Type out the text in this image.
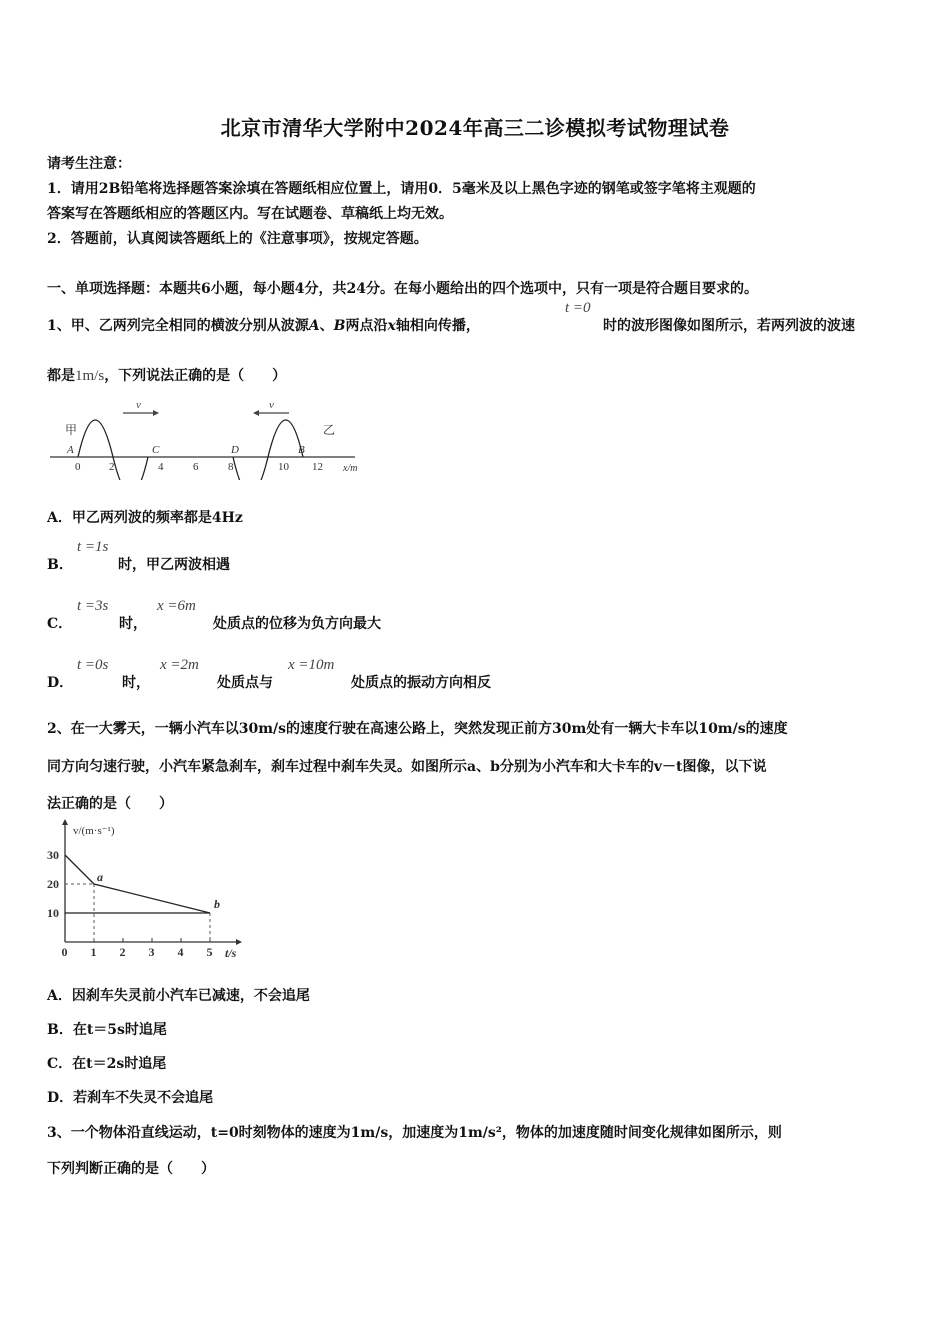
北京市清华大学附中2024年高三二诊模拟考试物理试卷
请考生注意：
1．请用2B铅笔将选择题答案涂填在答题纸相应位置上，请用0．5毫米及以上黑色字迹的钢笔或签字笔将主观题的
答案写在答题纸相应的答题区内。写在试题卷、草稿纸上均无效。
2．答题前，认真阅读答题纸上的《注意事项》，按规定答题。
一、单项选择题：本题共6小题，每小题4分，共24分。在每小题给出的四个选项中，只有一项是符合题目要求的。
1、甲、乙两列完全相同的横波分别从波源A、B两点沿x轴相向传播，
t =0
时的波形图像如图所示，若两列波的波速
都是1m/s，下列说法正确的是（　　）
v	v
甲	乙
A	C	D	B
0	2	4	6	8	10 12 x/m
A．甲乙两列波的频率都是4Hz
B．
t =1s
时，甲乙两波相遇
C．
t =3s
时，
x =6m
处质点的位移为负方向最大
D．
t =0s
时，
x =2m
处质点与
x =10m
处质点的振动方向相反
2、在一大雾天，一辆小汽车以30m/s的速度行驶在高速公路上，突然发现正前方30m处有一辆大卡车以10m/s的速度
同方向匀速行驶，小汽车紧急刹车，刹车过程中刹车失灵。如图所示a、b分别为小汽车和大卡车的v－t图像，以下说
法正确的是（　　）
v/(m·s⁻¹)
t/s
0 1 2 3 4 5
10
20
30
a
b
A．因刹车失灵前小汽车已减速，不会追尾
B．在t＝5s时追尾
C．在t＝2s时追尾
D．若刹车不失灵不会追尾
3、一个物体沿直线运动，t=0时刻物体的速度为1m/s，加速度为1m/s²，物体的加速度随时间变化规律如图所示，则
下列判断正确的是（　　）
